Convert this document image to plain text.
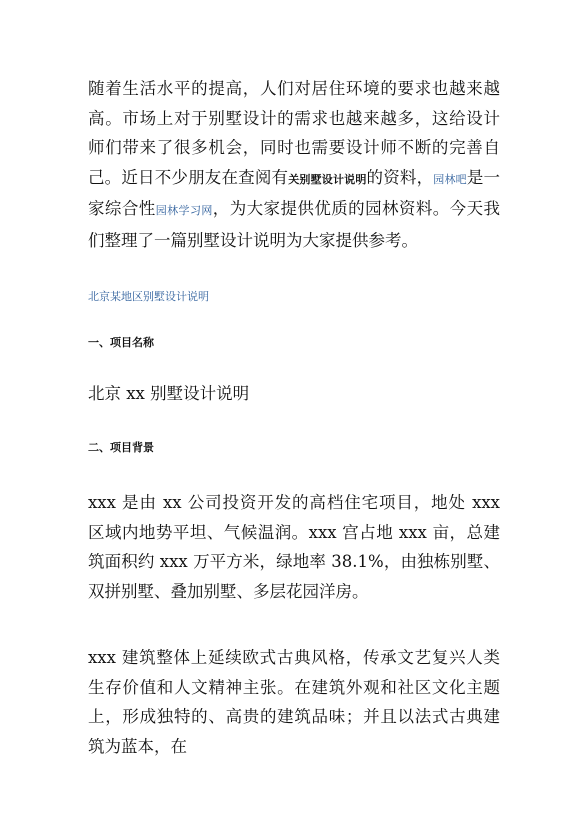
随着生活水平的提高，人们对居住环境的要求也越来越高。市场上对于别墅设计的需求也越来越多，这给设计师们带来了很多机会，同时也需要设计师不断的完善自己。近日不少朋友在查阅有关别墅设计说明的资料，园林吧是一家综合性园林学习网，为大家提供优质的园林资料。今天我们整理了一篇别墅设计说明为大家提供参考。

北京某地区别墅设计说明

一、项目名称

北京 xx 别墅设计说明

二、项目背景

xxx 是由 xx 公司投资开发的高档住宅项目，地处 xxx 区域内地势平坦、气候温润。xxx 宫占地 xxx 亩，总建筑面积约 xxx 万平方米，绿地率 38.1%，由独栋别墅、双拼别墅、叠加别墅、多层花园洋房。

xxx 建筑整体上延续欧式古典风格，传承文艺复兴人类生存价值和人文精神主张。在建筑外观和社区文化主题上，形成独特的、高贵的建筑品味；并且以法式古典建筑为蓝本，在
